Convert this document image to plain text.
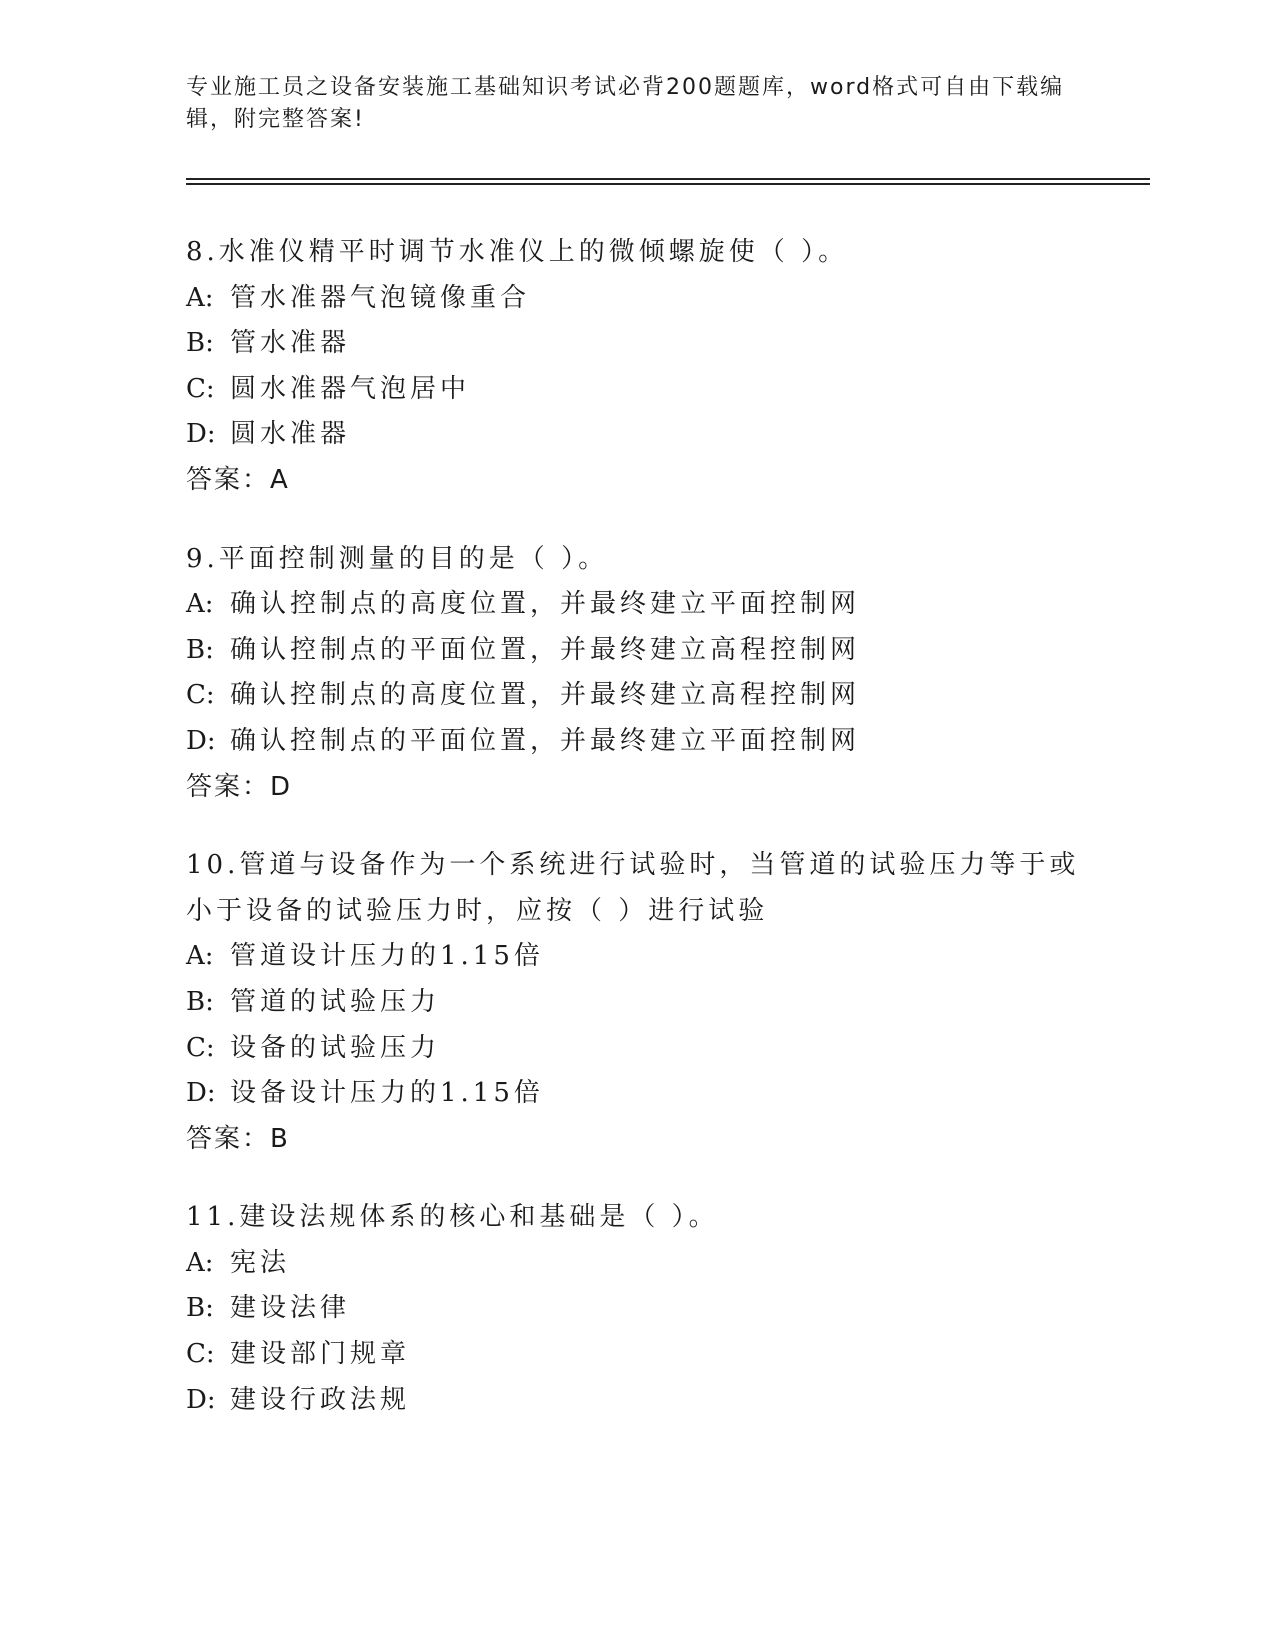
专业施工员之设备安装施工基础知识考试必背200题题库，word格式可自由下载编辑，附完整答案!
8.水准仪精平时调节水准仪上的微倾螺旋使（ ）。
A: 管水准器气泡镜像重合
B: 管水准器
C: 圆水准器气泡居中
D: 圆水准器
答案：A
9.平面控制测量的目的是（ ）。
A: 确认控制点的高度位置，并最终建立平面控制网
B: 确认控制点的平面位置，并最终建立高程控制网
C: 确认控制点的高度位置，并最终建立高程控制网
D: 确认控制点的平面位置，并最终建立平面控制网
答案：D
10.管道与设备作为一个系统进行试验时，当管道的试验压力等于或小于设备的试验压力时，应按（ ）进行试验
A: 管道设计压力的1.15倍
B: 管道的试验压力
C: 设备的试验压力
D: 设备设计压力的1.15倍
答案：B
11.建设法规体系的核心和基础是（ ）。
A: 宪法
B: 建设法律
C: 建设部门规章
D: 建设行政法规
